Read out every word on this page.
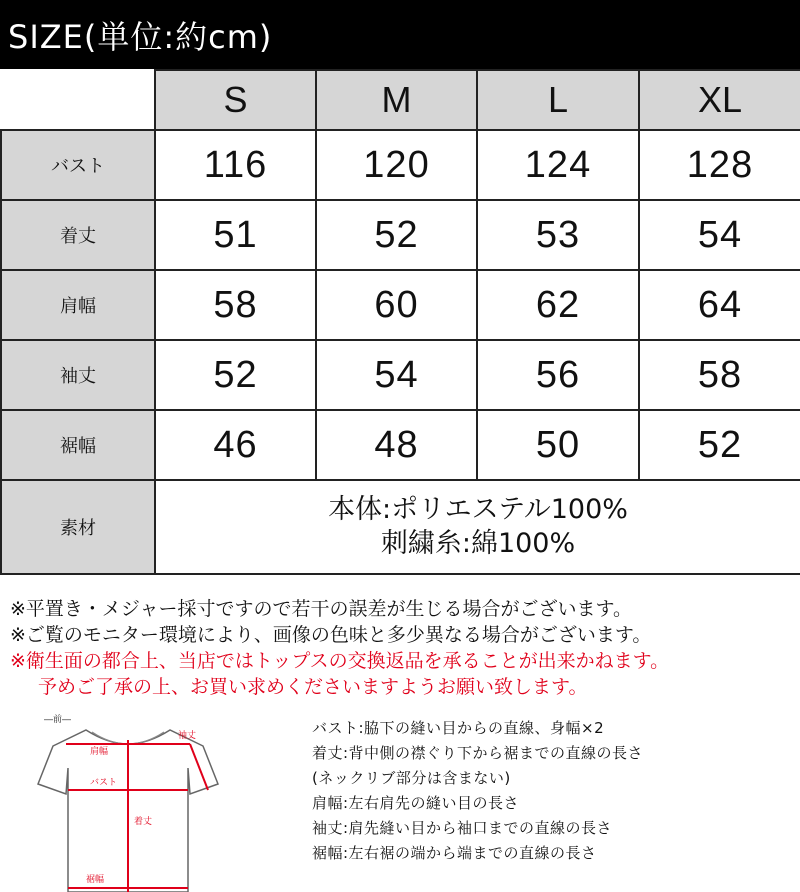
SIZE(単位:約cm)
	S	M	L	XL
バスト	116	120	124	128
着丈	51	52	53	54
肩幅	58	60	62	64
袖丈	52	54	56	58
裾幅	46	48	50	52
素材	本体:ポリエステル100%
刺繍糸:綿100%			
※平置き・メジャー採寸ですので若干の誤差が生じる場合がございます。
※ご覧のモニター環境により、画像の色味と多少異なる場合がございます。
※衛生面の都合上、当店ではトップスの交換返品を承ることが出来かねます。
予めご了承の上、お買い求めくださいますようお願い致します。
―前―
肩幅
袖丈
バスト
着丈
裾幅
バスト:脇下の縫い目からの直線、身幅×2
着丈:背中側の襟ぐり下から裾までの直線の長さ
(ネックリブ部分は含まない)
肩幅:左右肩先の縫い目の長さ
袖丈:肩先縫い目から袖口までの直線の長さ
裾幅:左右裾の端から端までの直線の長さ
